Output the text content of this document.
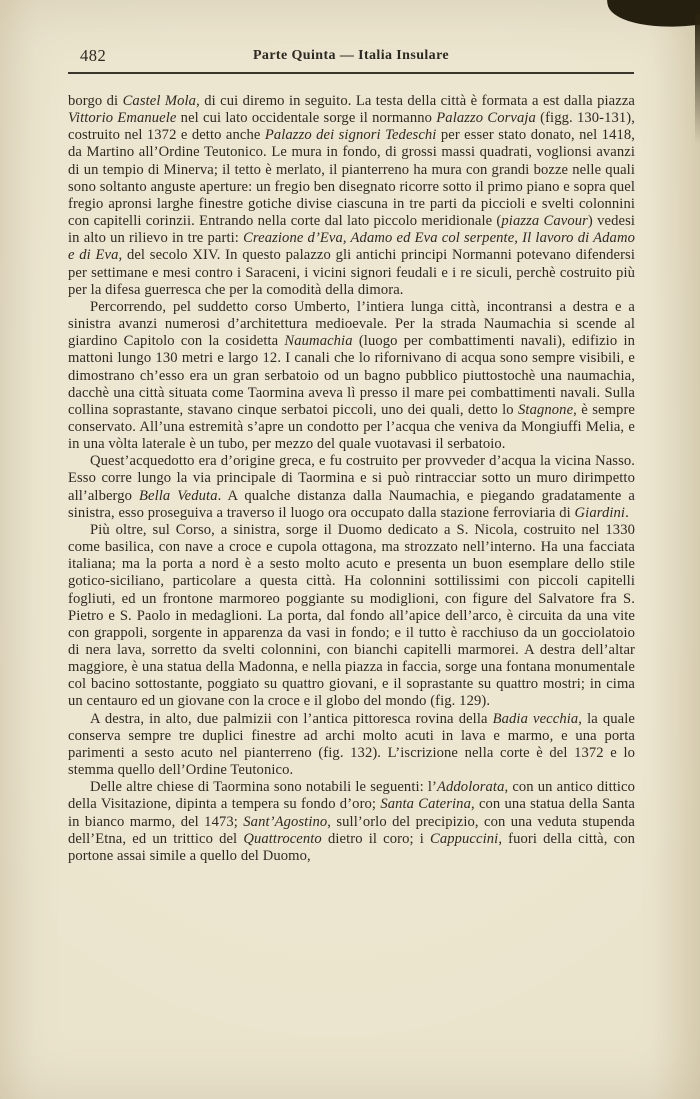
482	Parte Quinta — Italia Insulare

borgo di Castel Mola, di cui diremo in seguito. La testa della città è formata a est dalla piazza Vittorio Emanuele nel cui lato occidentale sorge il normanno Palazzo Corvaja (figg. 130-131), costruito nel 1372 e detto anche Palazzo dei signori Tedeschi per esser stato donato, nel 1418, da Martino all’Ordine Teutonico. Le mura in fondo, di grossi massi quadrati, voglionsi avanzi di un tempio di Minerva; il tetto è merlato, il pianterreno ha mura con grandi bozze nelle quali sono soltanto anguste aperture: un fregio ben disegnato ricorre sotto il primo piano e sopra quel fregio apronsi larghe finestre gotiche divise ciascuna in tre parti da piccioli e svelti colonnini con capitelli corinzii. Entrando nella corte dal lato piccolo meridionale (piazza Cavour) vedesi in alto un rilievo in tre parti: Creazione d’Eva, Adamo ed Eva col serpente, Il lavoro di Adamo e di Eva, del secolo XIV. In questo palazzo gli antichi principi Normanni potevano difendersi per settimane e mesi contro i Saraceni, i vicini signori feudali e i re siculi, perchè costruito più per la difesa guerresca che per la comodità della dimora.

Percorrendo, pel suddetto corso Umberto, l’intiera lunga città, incontransi a destra e a sinistra avanzi numerosi d’architettura medioevale. Per la strada Naumachia si scende al giardino Capitolo con la cosidetta Naumachia (luogo per combattimenti navali), edifizio in mattoni lungo 130 metri e largo 12. I canali che lo rifornivano di acqua sono sempre visibili, e dimostrano ch’esso era un gran serbatoio od un bagno pubblico piuttostochè una naumachia, dacchè una città situata come Taormina aveva lì presso il mare pei combattimenti navali. Sulla collina soprastante, stavano cinque serbatoi piccoli, uno dei quali, detto lo Stagnone, è sempre conservato. All’una estremità s’apre un condotto per l’acqua che veniva da Mongiuffi Melia, e in una vòlta laterale è un tubo, per mezzo del quale vuotavasi il serbatoio.

Quest’acquedotto era d’origine greca, e fu costruito per provveder d’acqua la vicina Nasso. Esso corre lungo la via principale di Taormina e si può rintracciar sotto un muro dirimpetto all’albergo Bella Veduta. A qualche distanza dalla Naumachia, e piegando gradatamente a sinistra, esso proseguiva a traverso il luogo ora occupato dalla stazione ferroviaria di Giardini.

Più oltre, sul Corso, a sinistra, sorge il Duomo dedicato a S. Nicola, costruito nel 1330 come basilica, con nave a croce e cupola ottagona, ma strozzato nell’interno. Ha una facciata italiana; ma la porta a nord è a sesto molto acuto e presenta un buon esemplare dello stile gotico-siciliano, particolare a questa città. Ha colonnini sottilissimi con piccoli capitelli fogliuti, ed un frontone marmoreo poggiante su modiglioni, con figure del Salvatore fra S. Pietro e S. Paolo in medaglioni. La porta, dal fondo all’apice dell’arco, è circuita da una vite con grappoli, sorgente in apparenza da vasi in fondo; e il tutto è racchiuso da un gocciolatoio di nera lava, sorretto da svelti colonnini, con bianchi capitelli marmorei. A destra dell’altar maggiore, è una statua della Madonna, e nella piazza in faccia, sorge una fontana monumentale col bacino sottostante, poggiato su quattro giovani, e il soprastante su quattro mostri; in cima un centauro ed un giovane con la croce e il globo del mondo (fig. 129).

A destra, in alto, due palmizii con l’antica pittoresca rovina della Badia vecchia, la quale conserva sempre tre duplici finestre ad archi molto acuti in lava e marmo, e una porta parimenti a sesto acuto nel pianterreno (fig. 132). L’iscrizione nella corte è del 1372 e lo stemma quello dell’Ordine Teutonico.

Delle altre chiese di Taormina sono notabili le seguenti: l’Addolorata, con un antico dittico della Visitazione, dipinta a tempera su fondo d’oro; Santa Caterina, con una statua della Santa in bianco marmo, del 1473; Sant’Agostino, sull’orlo del precipizio, con una veduta stupenda dell’Etna, ed un trittico del Quattrocento dietro il coro; i Cappuccini, fuori della città, con portone assai simile a quello del Duomo,
